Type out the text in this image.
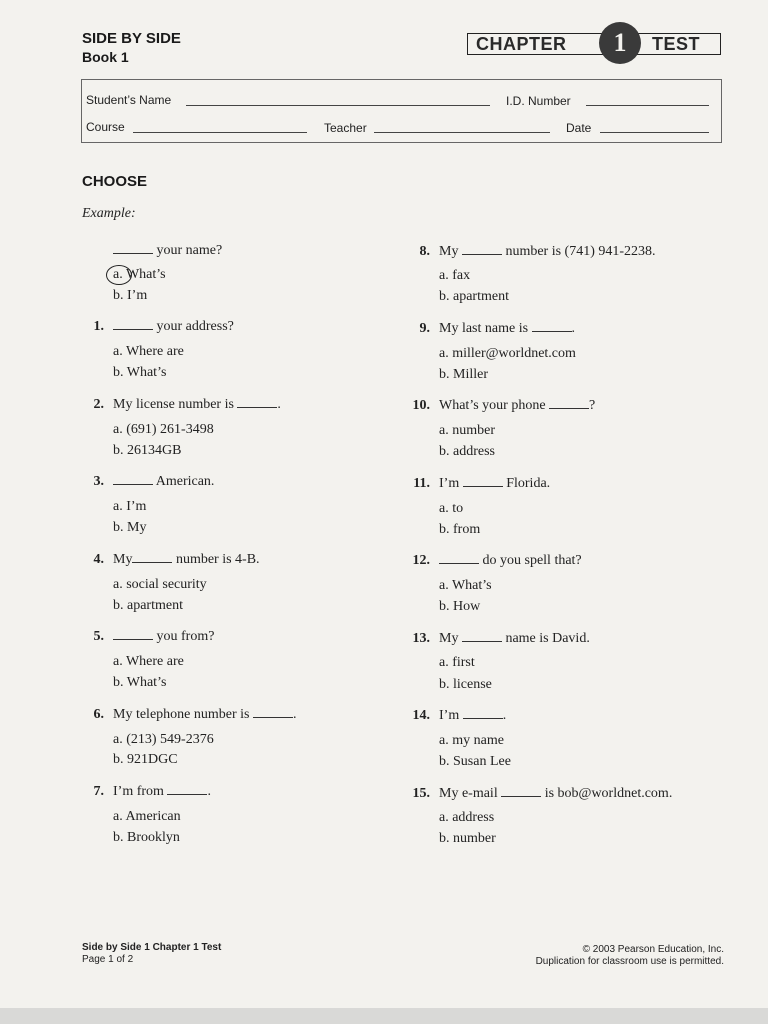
SIDE BY SIDE
Book 1
CHAPTER	1	TEST
Student’s Name	I.D. Number
Course	Teacher	Date
CHOOSE
Example:
your name?
a. What’s
b. I’m
1.	your address?
a. Where are
b. What’s
2. My license number is	.
a. (691) 261-3498
b. 26134GB
3.	American.
a. I’m
b. My
4. My	number is 4-B.
a. social security
b. apartment
5.	you from?
a. Where are
b. What’s
6. My telephone number is	.
a. (213) 549-2376
b. 921DGC
7. I’m from	.
a. American
b. Brooklyn
8. My	number is (741) 941-2238.
a. fax
b. apartment
9. My last name is	.
a. miller@worldnet.com
b. Miller
10. What’s your phone	?
a. number
b. address
11. I’m	Florida.
a. to
b. from
12.	do you spell that?
a. What’s
b. How
13. My	name is David.
a. first
b. license
14. I’m	.
a. my name
b. Susan Lee
15. My e-mail	is bob@worldnet.com.
a. address
b. number
Side by Side 1 Chapter 1 Test
Page 1 of 2
© 2003 Pearson Education, Inc.
Duplication for classroom use is permitted.
